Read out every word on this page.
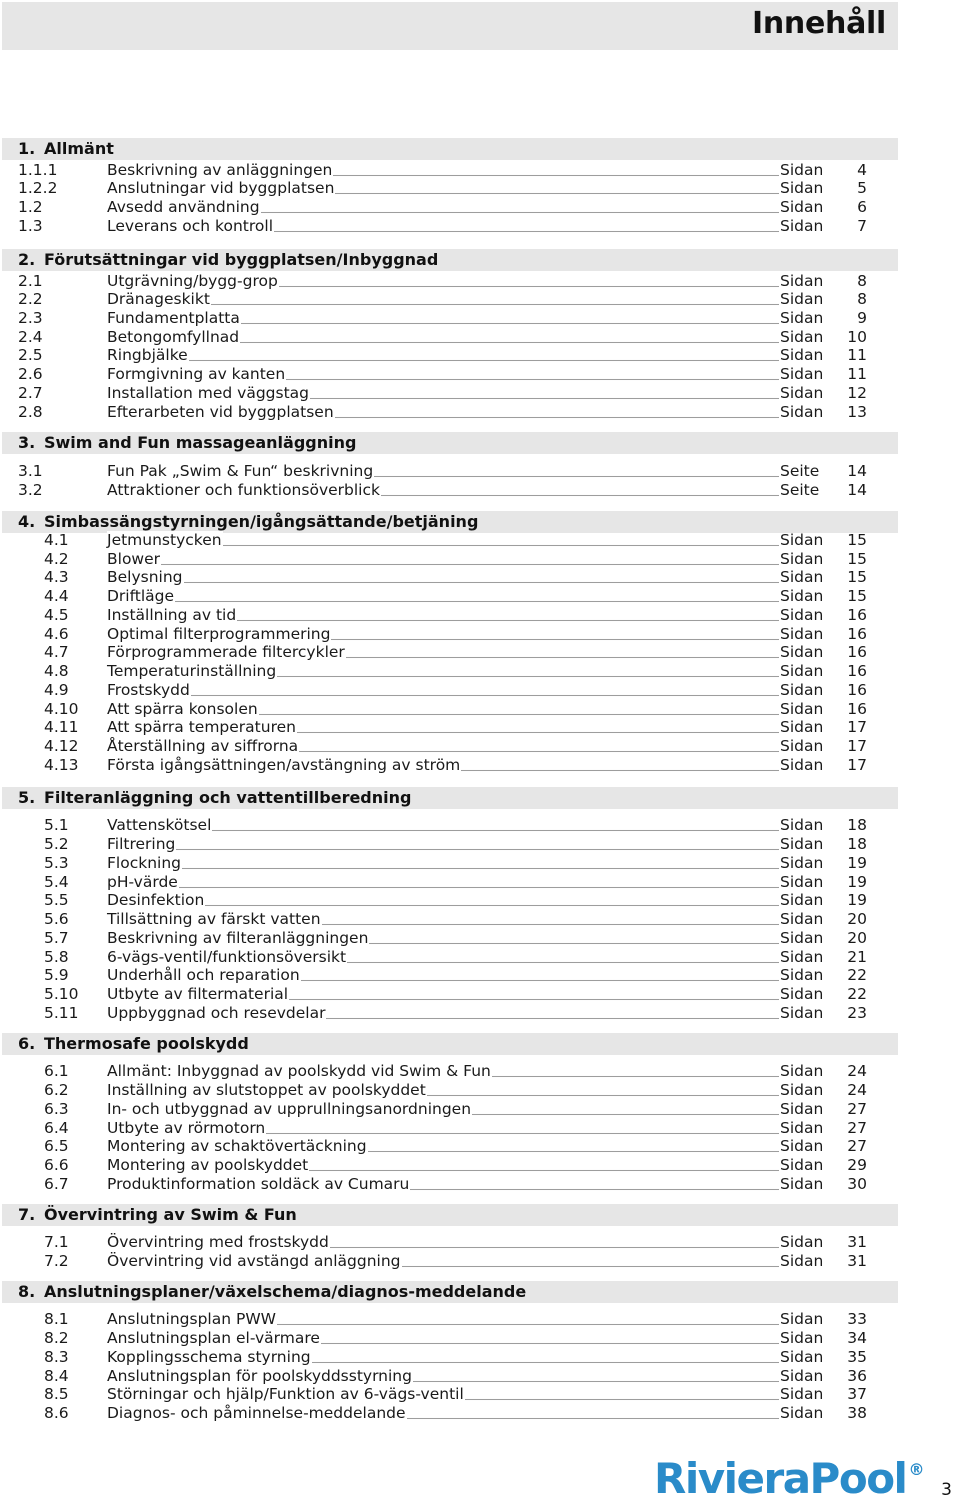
Innehåll
1. Allmänt
1.1.1	Beskrivning av anläggningen	Sidan 4
1.2.2	Anslutningar vid byggplatsen	Sidan 5
1.2	Avsedd användning	Sidan 6
1.3	Leverans och kontroll	Sidan 7
2. Förutsättningar vid byggplatsen/Inbyggnad
2.1	Utgrävning/bygg-grop	Sidan 8
2.2	Dränageskikt	Sidan 8
2.3	Fundamentplatta	Sidan 9
2.4	Betongomfyllnad	Sidan 10
2.5	Ringbjälke	Sidan 11
2.6	Formgivning av kanten	Sidan 11
2.7	Installation med väggstag	Sidan 12
2.8	Efterarbeten vid byggplatsen	Sidan 13
3. Swim and Fun massageanläggning
3.1	Fun Pak „Swim & Fun“ beskrivning	Seite 14
3.2	Attraktioner och funktionsöverblick	Seite 14
4. Simbassängstyrningen/igångsättande/betjäning
4.1 Jetmunstycken	Sidan 15
4.2 Blower	Sidan 15
4.3 Belysning	Sidan 15
4.4 Driftläge	Sidan 15
4.5 Inställning av tid	Sidan 16
4.6 Optimal filterprogrammering	Sidan 16
4.7 Förprogrammerade filtercykler	Sidan 16
4.8 Temperaturinställning	Sidan 16
4.9 Frostskydd	Sidan 16
4.10 Att spärra konsolen	Sidan 16
4.11 Att spärra temperaturen	Sidan 17
4.12 Återställning av siffrorna	Sidan 17
4.13 Första igångsättningen/avstängning av ström	Sidan 17
5. Filteranläggning och vattentillberedning
5.1 Vattenskötsel	Sidan 18
5.2 Filtrering	Sidan 18
5.3 Flockning	Sidan 19
5.4 pH-värde	Sidan 19
5.5 Desinfektion	Sidan 19
5.6 Tillsättning av färskt vatten	Sidan 20
5.7 Beskrivning av filteranläggningen	Sidan 20
5.8 6-vägs-ventil/funktionsöversikt	Sidan 21
5.9 Underhåll och reparation	Sidan 22
5.10 Utbyte av filtermaterial	Sidan 22
5.11 Uppbyggnad och resevdelar	Sidan 23
6. Thermosafe poolskydd
6.1 Allmänt: Inbyggnad av poolskydd vid Swim & Fun	Sidan 24
6.2 Inställning av slutstoppet av poolskyddet	Sidan 24
6.3 In- och utbyggnad av upprullningsanordningen	Sidan 27
6.4 Utbyte av rörmotorn	Sidan 27
6.5 Montering av schaktövertäckning	Sidan 27
6.6 Montering av poolskyddet	Sidan 29
6.7 Produktinformation soldäck av Cumaru	Sidan 30
7. Övervintring av Swim & Fun
7.1 Övervintring med frostskydd	Sidan 31
7.2 Övervintring vid avstängd anläggning	Sidan 31
8. Anslutningsplaner/växelschema/diagnos-meddelande
8.1 Anslutningsplan PWW	Sidan 33
8.2 Anslutningsplan el-värmare	Sidan 34
8.3 Kopplingsschema styrning	Sidan 35
8.4 Anslutningsplan för poolskyddsstyrning	Sidan 36
8.5 Störningar och hjälp/Funktion av 6-vägs-ventil	Sidan 37
8.6 Diagnos- och påminnelse-meddelande	Sidan 38
RivieraPool ®
3
